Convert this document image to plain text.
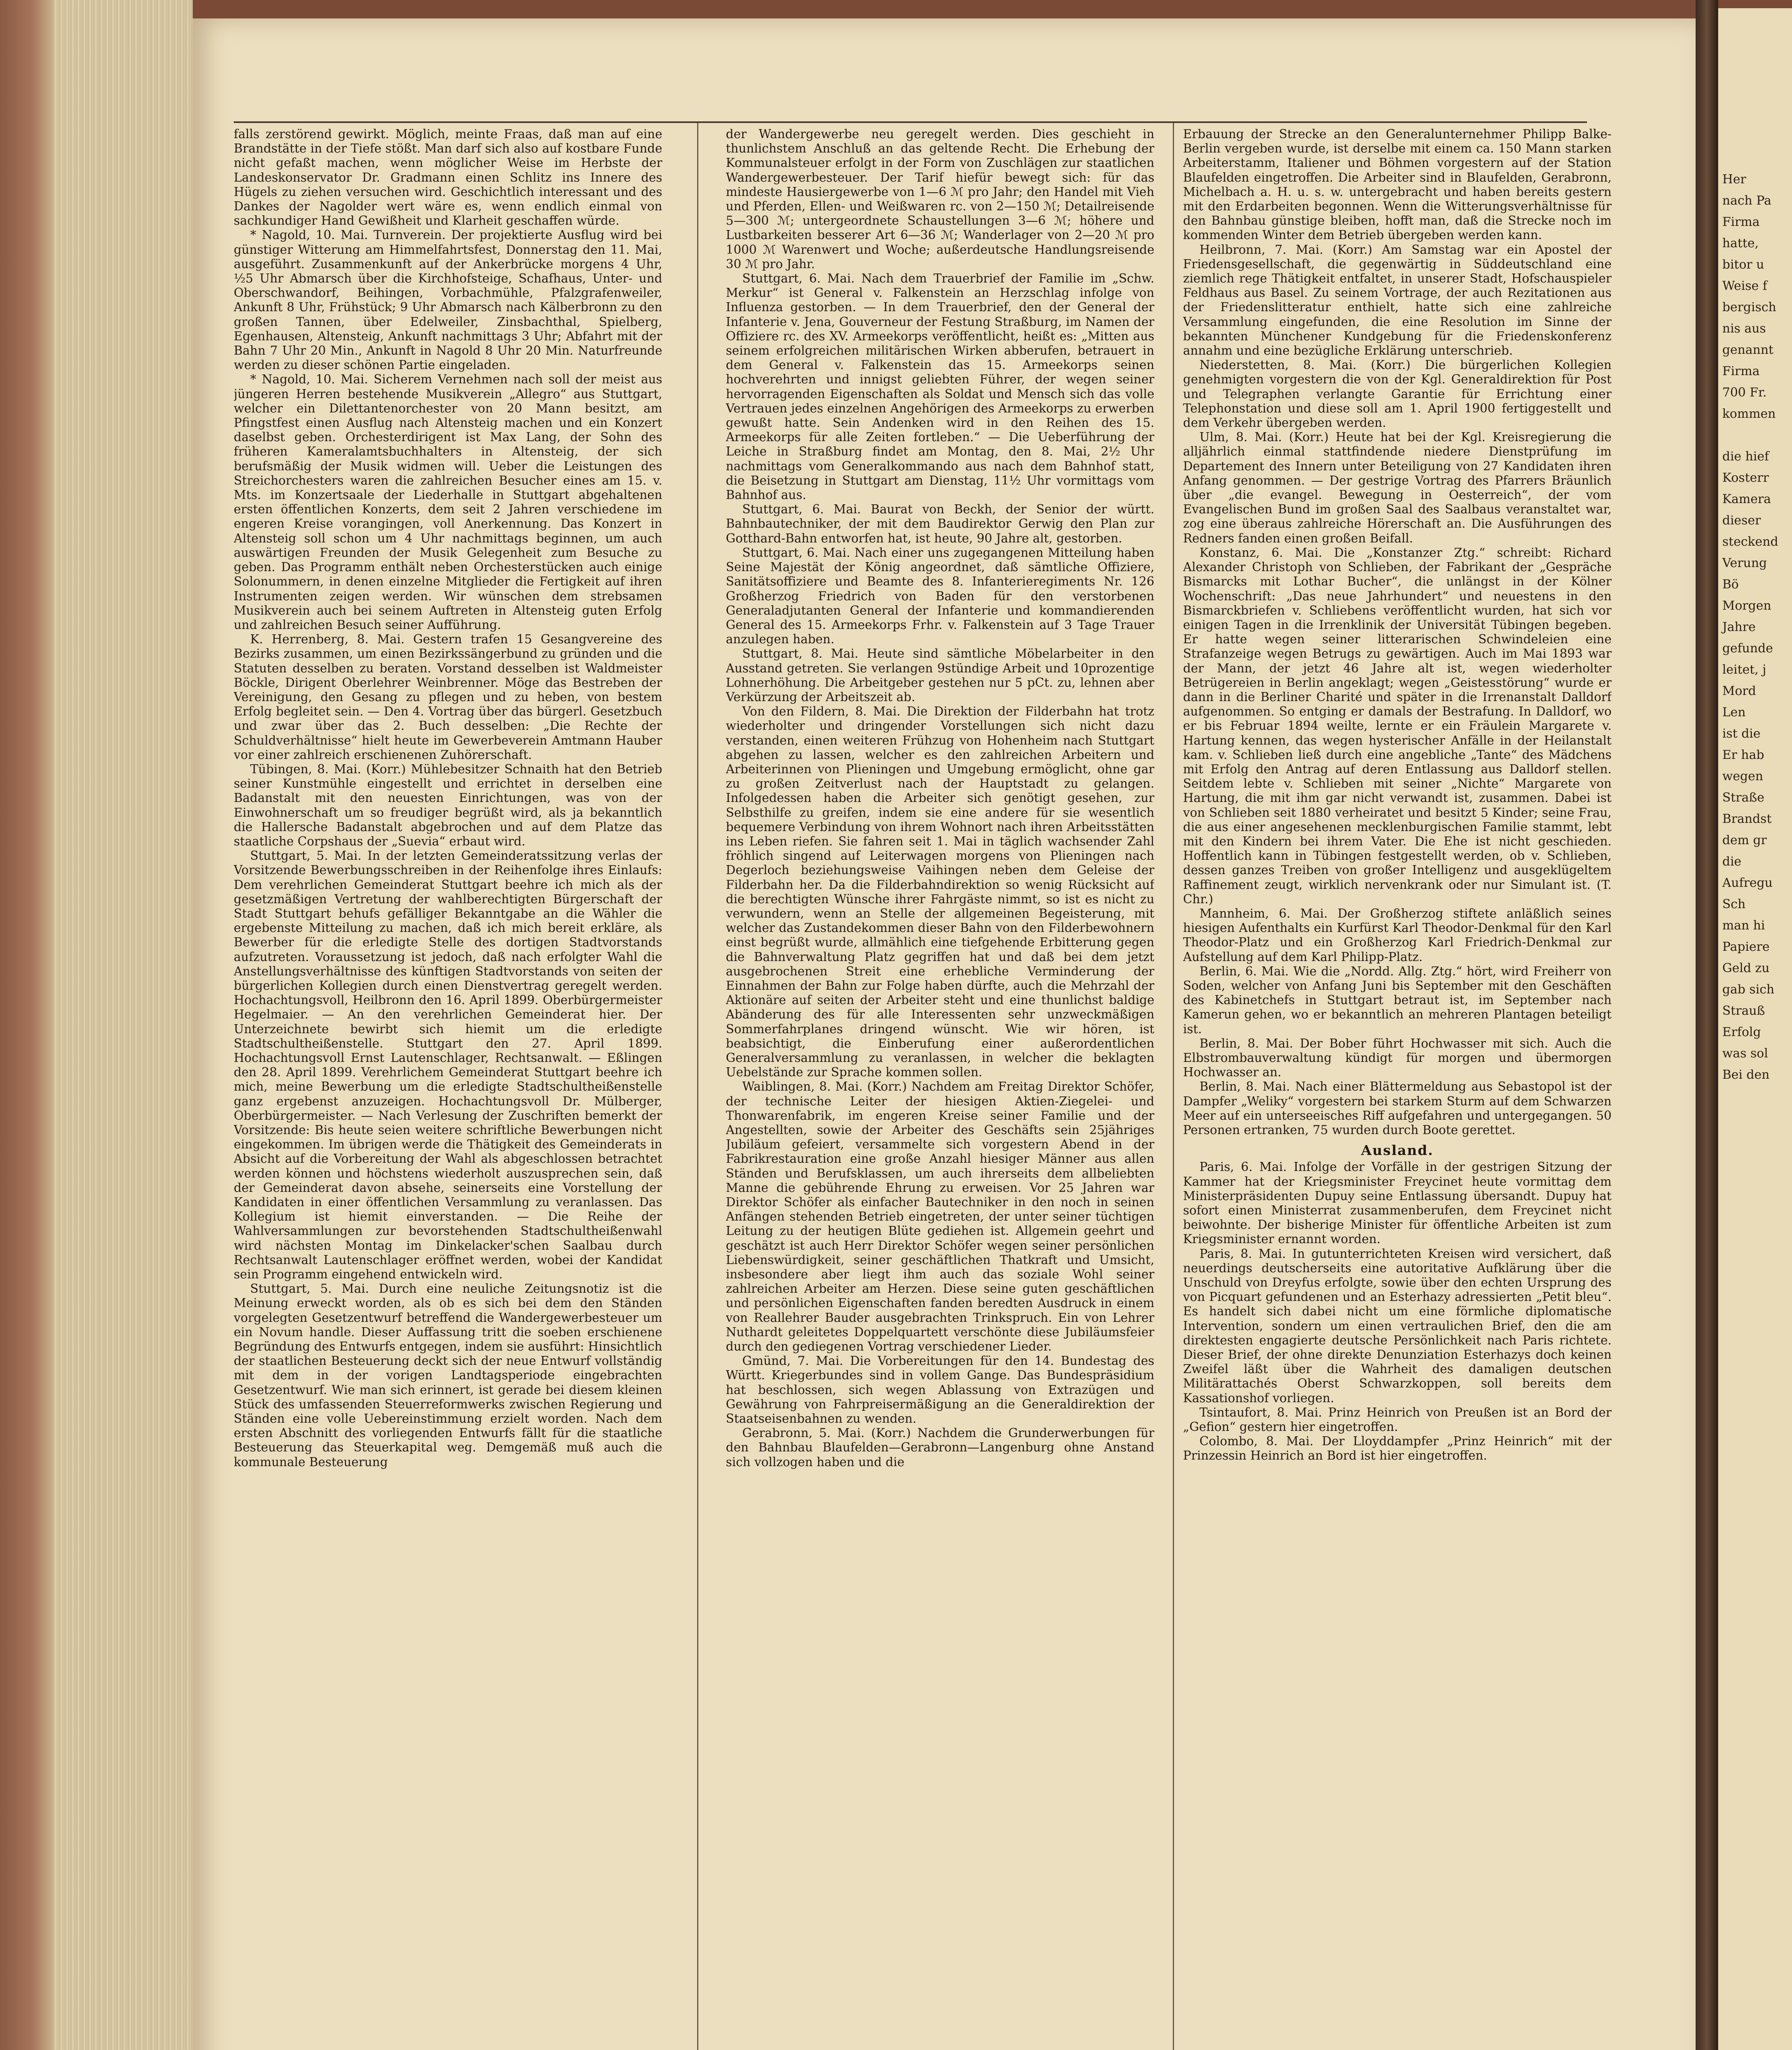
falls zerstörend gewirkt. Möglich, meinte Fraas, daß man auf eine Brandstätte in der Tiefe stößt. Man darf sich also auf kostbare Funde nicht gefaßt machen, wenn möglicher Weise im Herbste der Landeskonservator Dr. Gradmann einen Schlitz ins Innere des Hügels zu ziehen versuchen wird. Geschichtlich interessant und des Dankes der Nagolder wert wäre es, wenn endlich einmal von sachkundiger Hand Gewißheit und Klarheit geschaffen würde.

* Nagold, 10. Mai. Turnverein. Der projektierte Ausflug wird bei günstiger Witterung am Himmelfahrtsfest, Donnerstag den 11. Mai, ausgeführt. Zusammenkunft auf der Ankerbrücke morgens 4 Uhr, ½5 Uhr Abmarsch über die Kirchhofsteige, Schafhaus, Unter- und Oberschwandorf, Beihingen, Vorbachmühle, Pfalzgrafenweiler, Ankunft 8 Uhr, Frühstück; 9 Uhr Abmarsch nach Kälberbronn zu den großen Tannen, über Edelweiler, Zinsbachthal, Spielberg, Egenhausen, Altensteig, Ankunft nachmittags 3 Uhr; Abfahrt mit der Bahn 7 Uhr 20 Min., Ankunft in Nagold 8 Uhr 20 Min. Naturfreunde werden zu dieser schönen Partie eingeladen.

* Nagold, 10. Mai. Sicherem Vernehmen nach soll der meist aus jüngeren Herren bestehende Musikverein „Allegro“ aus Stuttgart, welcher ein Dilettantenorchester von 20 Mann besitzt, am Pfingstfest einen Ausflug nach Altensteig machen und ein Konzert daselbst geben. Orchesterdirigent ist Max Lang, der Sohn des früheren Kameralamtsbuchhalters in Altensteig, der sich berufsmäßig der Musik widmen will. Ueber die Leistungen des Streichorchesters waren die zahlreichen Besucher eines am 15. v. Mts. im Konzertsaale der Liederhalle in Stuttgart abgehaltenen ersten öffentlichen Konzerts, dem seit 2 Jahren verschiedene im engeren Kreise vorangingen, voll Anerkennung. Das Konzert in Altensteig soll schon um 4 Uhr nachmittags beginnen, um auch auswärtigen Freunden der Musik Gelegenheit zum Besuche zu geben. Das Programm enthält neben Orchesterstücken auch einige Solonummern, in denen einzelne Mitglieder die Fertigkeit auf ihren Instrumenten zeigen werden. Wir wünschen dem strebsamen Musikverein auch bei seinem Auftreten in Altensteig guten Erfolg und zahlreichen Besuch seiner Aufführung.

K. Herrenberg, 8. Mai. Gestern trafen 15 Gesangvereine des Bezirks zusammen, um einen Bezirkssängerbund zu gründen und die Statuten desselben zu beraten. Vorstand desselben ist Waldmeister Böckle, Dirigent Oberlehrer Weinbrenner. Möge das Bestreben der Vereinigung, den Gesang zu pflegen und zu heben, von bestem Erfolg begleitet sein. — Den 4. Vortrag über das bürgerl. Gesetzbuch und zwar über das 2. Buch desselben: „Die Rechte der Schuldverhältnisse“ hielt heute im Gewerbeverein Amtmann Hauber vor einer zahlreich erschienenen Zuhörerschaft.

Tübingen, 8. Mai. (Korr.) Mühlebesitzer Schnaith hat den Betrieb seiner Kunstmühle eingestellt und errichtet in derselben eine Badanstalt mit den neuesten Einrichtungen, was von der Einwohnerschaft um so freudiger begrüßt wird, als ja bekanntlich die Hallersche Badanstalt abgebrochen und auf dem Platze das staatliche Corpshaus der „Suevia“ erbaut wird.

Stuttgart, 5. Mai. In der letzten Gemeinderatssitzung verlas der Vorsitzende Bewerbungsschreiben in der Reihenfolge ihres Einlaufs: Dem verehrlichen Gemeinderat Stuttgart beehre ich mich als der gesetzmäßigen Vertretung der wahlberechtigten Bürgerschaft der Stadt Stuttgart behufs gefälliger Bekanntgabe an die Wähler die ergebenste Mitteilung zu machen, daß ich mich bereit erkläre, als Bewerber für die erledigte Stelle des dortigen Stadtvorstands aufzutreten. Voraussetzung ist jedoch, daß nach erfolgter Wahl die Anstellungsverhältnisse des künftigen Stadtvorstands von seiten der bürgerlichen Kollegien durch einen Dienstvertrag geregelt werden. Hochachtungsvoll, Heilbronn den 16. April 1899. Oberbürgermeister Hegelmaier. — An den verehrlichen Gemeinderat hier. Der Unterzeichnete bewirbt sich hiemit um die erledigte Stadtschultheißenstelle. Stuttgart den 27. April 1899. Hochachtungsvoll Ernst Lautenschlager, Rechtsanwalt. — Eßlingen den 28. April 1899. Verehrlichem Gemeinderat Stuttgart beehre ich mich, meine Bewerbung um die erledigte Stadtschultheißenstelle ganz ergebenst anzuzeigen. Hochachtungsvoll Dr. Mülberger, Oberbürgermeister. — Nach Verlesung der Zuschriften bemerkt der Vorsitzende: Bis heute seien weitere schriftliche Bewerbungen nicht eingekommen. Im übrigen werde die Thätigkeit des Gemeinderats in Absicht auf die Vorbereitung der Wahl als abgeschlossen betrachtet werden können und höchstens wiederholt auszusprechen sein, daß der Gemeinderat davon absehe, seinerseits eine Vorstellung der Kandidaten in einer öffentlichen Versammlung zu veranlassen. Das Kollegium ist hiemit einverstanden. — Die Reihe der Wahlversammlungen zur bevorstehenden Stadtschultheißenwahl wird nächsten Montag im Dinkelacker'schen Saalbau durch Rechtsanwalt Lautenschlager eröffnet werden, wobei der Kandidat sein Programm eingehend entwickeln wird.

Stuttgart, 5. Mai. Durch eine neuliche Zeitungsnotiz ist die Meinung erweckt worden, als ob es sich bei dem den Ständen vorgelegten Gesetzentwurf betreffend die Wandergewerbesteuer um ein Novum handle. Dieser Auffassung tritt die soeben erschienene Begründung des Entwurfs entgegen, indem sie ausführt: Hinsichtlich der staatlichen Besteuerung deckt sich der neue Entwurf vollständig mit dem in der vorigen Landtagsperiode eingebrachten Gesetzentwurf. Wie man sich erinnert, ist gerade bei diesem kleinen Stück des umfassenden Steuerreformwerks zwischen Regierung und Ständen eine volle Uebereinstimmung erzielt worden. Nach dem ersten Abschnitt des vorliegenden Entwurfs fällt für die staatliche Besteuerung das Steuerkapital weg. Demgemäß muß auch die kommunale Besteuerung

der Wandergewerbe neu geregelt werden. Dies geschieht in thunlichstem Anschluß an das geltende Recht. Die Erhebung der Kommunalsteuer erfolgt in der Form von Zuschlägen zur staatlichen Wandergewerbesteuer. Der Tarif hiefür bewegt sich: für das mindeste Hausiergewerbe von 1—6 ℳ pro Jahr; den Handel mit Vieh und Pferden, Ellen- und Weißwaren rc. von 2—150 ℳ; Detailreisende 5—300 ℳ; untergeordnete Schaustellungen 3—6 ℳ; höhere und Lustbarkeiten besserer Art 6—36 ℳ; Wanderlager von 2—20 ℳ pro 1000 ℳ Warenwert und Woche; außerdeutsche Handlungsreisende 30 ℳ pro Jahr.

Stuttgart, 6. Mai. Nach dem Trauerbrief der Familie im „Schw. Merkur“ ist General v. Falkenstein an Herzschlag infolge von Influenza gestorben. — In dem Trauerbrief, den der General der Infanterie v. Jena, Gouverneur der Festung Straßburg, im Namen der Offiziere rc. des XV. Armeekorps veröffentlicht, heißt es: „Mitten aus seinem erfolgreichen militärischen Wirken abberufen, betrauert in dem General v. Falkenstein das 15. Armeekorps seinen hochverehrten und innigst geliebten Führer, der wegen seiner hervorragenden Eigenschaften als Soldat und Mensch sich das volle Vertrauen jedes einzelnen Angehörigen des Armeekorps zu erwerben gewußt hatte. Sein Andenken wird in den Reihen des 15. Armeekorps für alle Zeiten fortleben.“ — Die Ueberführung der Leiche in Straßburg findet am Montag, den 8. Mai, 2½ Uhr nachmittags vom Generalkommando aus nach dem Bahnhof statt, die Beisetzung in Stuttgart am Dienstag, 11½ Uhr vormittags vom Bahnhof aus.

Stuttgart, 6. Mai. Baurat von Beckh, der Senior der württ. Bahnbautechniker, der mit dem Baudirektor Gerwig den Plan zur Gotthard-Bahn entworfen hat, ist heute, 90 Jahre alt, gestorben.

Stuttgart, 6. Mai. Nach einer uns zugegangenen Mitteilung haben Seine Majestät der König angeordnet, daß sämtliche Offiziere, Sanitätsoffiziere und Beamte des 8. Infanterieregiments Nr. 126 Großherzog Friedrich von Baden für den verstorbenen Generaladjutanten General der Infanterie und kommandierenden General des 15. Armeekorps Frhr. v. Falkenstein auf 3 Tage Trauer anzulegen haben.

Stuttgart, 8. Mai. Heute sind sämtliche Möbelarbeiter in den Ausstand getreten. Sie verlangen 9stündige Arbeit und 10prozentige Lohnerhöhung. Die Arbeitgeber gestehen nur 5 pCt. zu, lehnen aber Verkürzung der Arbeitszeit ab.

Von den Fildern, 8. Mai. Die Direktion der Filderbahn hat trotz wiederholter und dringender Vorstellungen sich nicht dazu verstanden, einen weiteren Frühzug von Hohenheim nach Stuttgart abgehen zu lassen, welcher es den zahlreichen Arbeitern und Arbeiterinnen von Plieningen und Umgebung ermöglicht, ohne gar zu großen Zeitverlust nach der Hauptstadt zu gelangen. Infolgedessen haben die Arbeiter sich genötigt gesehen, zur Selbsthilfe zu greifen, indem sie eine andere für sie wesentlich bequemere Verbindung von ihrem Wohnort nach ihren Arbeitsstätten ins Leben riefen. Sie fahren seit 1. Mai in täglich wachsender Zahl fröhlich singend auf Leiterwagen morgens von Plieningen nach Degerloch beziehungsweise Vaihingen neben dem Geleise der Filderbahn her. Da die Filderbahndirektion so wenig Rücksicht auf die berechtigten Wünsche ihrer Fahrgäste nimmt, so ist es nicht zu verwundern, wenn an Stelle der allgemeinen Begeisterung, mit welcher das Zustandekommen dieser Bahn von den Filderbewohnern einst begrüßt wurde, allmählich eine tiefgehende Erbitterung gegen die Bahnverwaltung Platz gegriffen hat und daß bei dem jetzt ausgebrochenen Streit eine erhebliche Verminderung der Einnahmen der Bahn zur Folge haben dürfte, auch die Mehrzahl der Aktionäre auf seiten der Arbeiter steht und eine thunlichst baldige Abänderung des für alle Interessenten sehr unzweckmäßigen Sommerfahrplanes dringend wünscht. Wie wir hören, ist beabsichtigt, die Einberufung einer außerordentlichen Generalversammlung zu veranlassen, in welcher die beklagten Uebelstände zur Sprache kommen sollen.

Waiblingen, 8. Mai. (Korr.) Nachdem am Freitag Direktor Schöfer, der technische Leiter der hiesigen Aktien-Ziegelei- und Thonwarenfabrik, im engeren Kreise seiner Familie und der Angestellten, sowie der Arbeiter des Geschäfts sein 25jähriges Jubiläum gefeiert, versammelte sich vorgestern Abend in der Fabrikrestauration eine große Anzahl hiesiger Männer aus allen Ständen und Berufsklassen, um auch ihrerseits dem allbeliebten Manne die gebührende Ehrung zu erweisen. Vor 25 Jahren war Direktor Schöfer als einfacher Bautechniker in den noch in seinen Anfängen stehenden Betrieb eingetreten, der unter seiner tüchtigen Leitung zu der heutigen Blüte gediehen ist. Allgemein geehrt und geschätzt ist auch Herr Direktor Schöfer wegen seiner persönlichen Liebenswürdigkeit, seiner geschäftlichen Thatkraft und Umsicht, insbesondere aber liegt ihm auch das soziale Wohl seiner zahlreichen Arbeiter am Herzen. Diese seine guten geschäftlichen und persönlichen Eigenschaften fanden beredten Ausdruck in einem von Reallehrer Bauder ausgebrachten Trinkspruch. Ein von Lehrer Nuthardt geleitetes Doppelquartett verschönte diese Jubiläumsfeier durch den gediegenen Vortrag verschiedener Lieder.

Gmünd, 7. Mai. Die Vorbereitungen für den 14. Bundestag des Württ. Kriegerbundes sind in vollem Gange. Das Bundespräsidium hat beschlossen, sich wegen Ablassung von Extrazügen und Gewährung von Fahrpreisermäßigung an die Generaldirektion der Staatseisenbahnen zu wenden.

Gerabronn, 5. Mai. (Korr.) Nachdem die Grunderwerbungen für den Bahnbau Blaufelden—Gerabronn—Langenburg ohne Anstand sich vollzogen haben und die

Erbauung der Strecke an den Generalunternehmer Philipp Balke-Berlin vergeben wurde, ist derselbe mit einem ca. 150 Mann starken Arbeiterstamm, Italiener und Böhmen vorgestern auf der Station Blaufelden eingetroffen. Die Arbeiter sind in Blaufelden, Gerabronn, Michelbach a. H. u. s. w. untergebracht und haben bereits gestern mit den Erdarbeiten begonnen. Wenn die Witterungsverhältnisse für den Bahnbau günstige bleiben, hofft man, daß die Strecke noch im kommenden Winter dem Betrieb übergeben werden kann.

Heilbronn, 7. Mai. (Korr.) Am Samstag war ein Apostel der Friedensgesellschaft, die gegenwärtig in Süddeutschland eine ziemlich rege Thätigkeit entfaltet, in unserer Stadt, Hofschauspieler Feldhaus aus Basel. Zu seinem Vortrage, der auch Rezitationen aus der Friedenslitteratur enthielt, hatte sich eine zahlreiche Versammlung eingefunden, die eine Resolution im Sinne der bekannten Münchener Kundgebung für die Friedenskonferenz annahm und eine bezügliche Erklärung unterschrieb.

Niederstetten, 8. Mai. (Korr.) Die bürgerlichen Kollegien genehmigten vorgestern die von der Kgl. Generaldirektion für Post und Telegraphen verlangte Garantie für Errichtung einer Telephonstation und diese soll am 1. April 1900 fertiggestellt und dem Verkehr übergeben werden.

Ulm, 8. Mai. (Korr.) Heute hat bei der Kgl. Kreisregierung die alljährlich einmal stattfindende niedere Dienstprüfung im Departement des Innern unter Beteiligung von 27 Kandidaten ihren Anfang genommen. — Der gestrige Vortrag des Pfarrers Bräunlich über „die evangel. Bewegung in Oesterreich“, der vom Evangelischen Bund im großen Saal des Saalbaus veranstaltet war, zog eine überaus zahlreiche Hörerschaft an. Die Ausführungen des Redners fanden einen großen Beifall.

Konstanz, 6. Mai. Die „Konstanzer Ztg.“ schreibt: Richard Alexander Christoph von Schlieben, der Fabrikant der „Gespräche Bismarcks mit Lothar Bucher“, die unlängst in der Kölner Wochenschrift: „Das neue Jahrhundert“ und neuestens in den Bismarckbriefen v. Schliebens veröffentlicht wurden, hat sich vor einigen Tagen in die Irrenklinik der Universität Tübingen begeben. Er hatte wegen seiner litterarischen Schwindeleien eine Strafanzeige wegen Betrugs zu gewärtigen. Auch im Mai 1893 war der Mann, der jetzt 46 Jahre alt ist, wegen wiederholter Betrügereien in Berlin angeklagt; wegen „Geistesstörung“ wurde er dann in die Berliner Charité und später in die Irrenanstalt Dalldorf aufgenommen. So entging er damals der Bestrafung. In Dalldorf, wo er bis Februar 1894 weilte, lernte er ein Fräulein Margarete v. Hartung kennen, das wegen hysterischer Anfälle in der Heilanstalt kam. v. Schlieben ließ durch eine angebliche „Tante“ des Mädchens mit Erfolg den Antrag auf deren Entlassung aus Dalldorf stellen. Seitdem lebte v. Schlieben mit seiner „Nichte“ Margarete von Hartung, die mit ihm gar nicht verwandt ist, zusammen. Dabei ist von Schlieben seit 1880 verheiratet und besitzt 5 Kinder; seine Frau, die aus einer angesehenen mecklenburgischen Familie stammt, lebt mit den Kindern bei ihrem Vater. Die Ehe ist nicht geschieden. Hoffentlich kann in Tübingen festgestellt werden, ob v. Schlieben, dessen ganzes Treiben von großer Intelligenz und ausgeklügeltem Raffinement zeugt, wirklich nervenkrank oder nur Simulant ist. (T. Chr.)

Mannheim, 6. Mai. Der Großherzog stiftete anläßlich seines hiesigen Aufenthalts ein Kurfürst Karl Theodor-Denkmal für den Karl Theodor-Platz und ein Großherzog Karl Friedrich-Denkmal zur Aufstellung auf dem Karl Philipp-Platz.

Berlin, 6. Mai. Wie die „Nordd. Allg. Ztg.“ hört, wird Freiherr von Soden, welcher von Anfang Juni bis September mit den Geschäften des Kabinetchefs in Stuttgart betraut ist, im September nach Kamerun gehen, wo er bekanntlich an mehreren Plantagen beteiligt ist.

Berlin, 8. Mai. Der Bober führt Hochwasser mit sich. Auch die Elbstrombauverwaltung kündigt für morgen und übermorgen Hochwasser an.

Berlin, 8. Mai. Nach einer Blättermeldung aus Sebastopol ist der Dampfer „Weliky“ vorgestern bei starkem Sturm auf dem Schwarzen Meer auf ein unterseeisches Riff aufgefahren und untergegangen. 50 Personen ertranken, 75 wurden durch Boote gerettet.

Ausland.

Paris, 6. Mai. Infolge der Vorfälle in der gestrigen Sitzung der Kammer hat der Kriegsminister Freycinet heute vormittag dem Ministerpräsidenten Dupuy seine Entlassung übersandt. Dupuy hat sofort einen Ministerrat zusammenberufen, dem Freycinet nicht beiwohnte. Der bisherige Minister für öffentliche Arbeiten ist zum Kriegsminister ernannt worden.

Paris, 8. Mai. In gutunterrichteten Kreisen wird versichert, daß neuerdings deutscherseits eine autoritative Aufklärung über die Unschuld von Dreyfus erfolgte, sowie über den echten Ursprung des von Picquart gefundenen und an Esterhazy adressierten „Petit bleu“. Es handelt sich dabei nicht um eine förmliche diplomatische Intervention, sondern um einen vertraulichen Brief, den die am direktesten engagierte deutsche Persönlichkeit nach Paris richtete. Dieser Brief, der ohne direkte Denunziation Esterhazys doch keinen Zweifel läßt über die Wahrheit des damaligen deutschen Militärattachés Oberst Schwarzkoppen, soll bereits dem Kassationshof vorliegen.

Tsintaufort, 8. Mai. Prinz Heinrich von Preußen ist an Bord der „Gefion“ gestern hier eingetroffen.

Colombo, 8. Mai. Der Lloyddampfer „Prinz Heinrich“ mit der Prinzessin Heinrich an Bord ist hier eingetroffen.

Her
nach Pa
Firma
hatte,
bitor u
Weise f
bergisch
nis aus
genannt
Firma
700 Fr.
kommen
die hief
Kosterr
Kamera
dieser
steckend
Verung
Bö
Morgen
Jahre
gefunde
leitet, j
Mord
Len
ist die
Er hab
wegen
Straße
Brandst
dem gr
die
Aufregu
Sch
man hi
Papiere
Geld zu
gab sich
Strauß
Erfolg
was sol
Bei den
